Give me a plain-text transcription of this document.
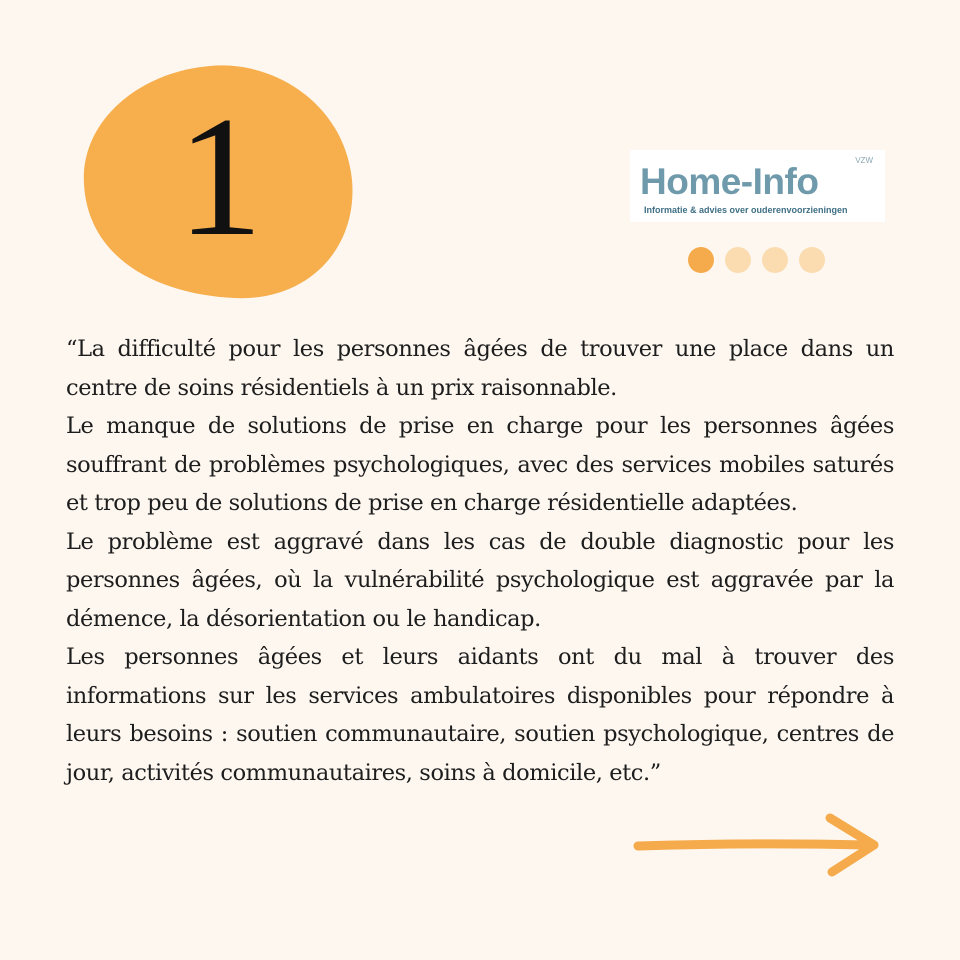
1	VZW
Home-Info
Informatie & advies over ouderenvoorzieningen

“La difficulté pour les personnes âgées de trouver une place dans un centre de soins résidentiels à un prix raisonnable.

Le manque de solutions de prise en charge pour les personnes âgées souffrant de problèmes psychologiques, avec des services mobiles saturés et trop peu de solutions de prise en charge résidentielle adaptées.

Le problème est aggravé dans les cas de double diagnostic pour les personnes âgées, où la vulnérabilité psychologique est aggravée par la démence, la désorientation ou le handicap.

Les personnes âgées et leurs aidants ont du mal à trouver des informations sur les services ambulatoires disponibles pour répondre à leurs besoins : soutien communautaire, soutien psychologique, centres de jour, activités communautaires, soins à domicile, etc.”
